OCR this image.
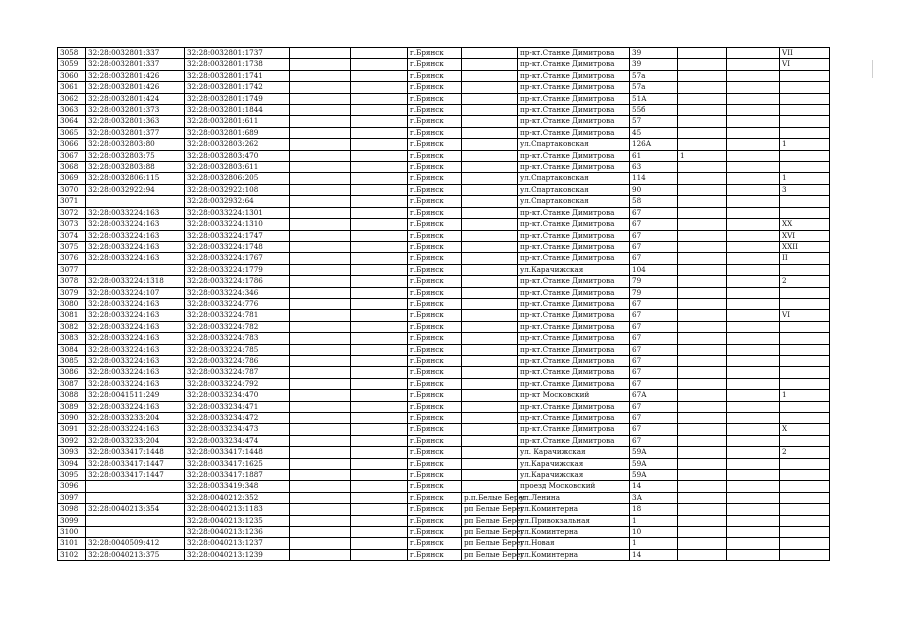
3058	32:28:0032801:337	32:28:0032801:1737			г.Брянск		пр-кт.Станке Димитрова	39			VII
3059	32:28:0032801:337	32:28:0032801:1738			г.Брянск		пр-кт.Станке Димитрова	39			VI
3060	32:28:0032801:426	32:28:0032801:1741			г.Брянск		пр-кт.Станке Димитрова	57а			
3061	32:28:0032801:426	32:28:0032801:1742			г.Брянск		пр-кт.Станке Димитрова	57а			
3062	32:28:0032801:424	32:28:0032801:1749			г.Брянск		пр-кт.Станке Димитрова	51А			
3063	32:28:0032801:373	32:28:0032801:1844			г.Брянск		пр-кт.Станке Димитрова	55б			
3064	32:28:0032801:363	32:28:0032801:611			г.Брянск		пр-кт.Станке Димитрова	57			
3065	32:28:0032801:377	32:28:0032801:689			г.Брянск		пр-кт.Станке Димитрова	45			
3066	32:28:0032803:80	32:28:0032803:262			г.Брянск		ул.Спартаковская	126А			1
3067	32:28:0032803:75	32:28:0032803:470			г.Брянск		пр-кт.Станке Димитрова	61	1		
3068	32:28:0032803:88	32:28:0032803:611			г.Брянск		пр-кт.Станке Димитрова	63			
3069	32:28:0032806:115	32:28:0032806:205			г.Брянск		ул.Спартаковская	114			1
3070	32:28:0032922:94	32:28:0032922:108			г.Брянск		ул.Спартаковская	90			3
3071		32:28:0032932:64			г.Брянск		ул.Спартаковская	58			
3072	32:28:0033224:163	32:28:0033224:1301			г.Брянск		пр-кт.Станке Димитрова	67			
3073	32:28:0033224:163	32:28:0033224:1310			г.Брянск		пр-кт.Станке Димитрова	67			XX
3074	32:28:0033224:163	32:28:0033224:1747			г.Брянск		пр-кт.Станке Димитрова	67			XVI
3075	32:28:0033224:163	32:28:0033224:1748			г.Брянск		пр-кт.Станке Димитрова	67			XXII
3076	32:28:0033224:163	32:28:0033224:1767			г.Брянск		пр-кт.Станке Димитрова	67			II
3077		32:28:0033224:1779			г.Брянск		ул.Карачижская	104			
3078	32:28:0033224:1318	32:28:0033224:1786			г.Брянск		пр-кт.Станке Димитрова	79			2
3079	32:28:0033224:107	32:28:0033224:346			г.Брянск		пр-кт.Станке Димитрова	79			
3080	32:28:0033224:163	32:28:0033224:776			г.Брянск		пр-кт.Станке Димитрова	67			
3081	32:28:0033224:163	32:28:0033224:781			г.Брянск		пр-кт.Станке Димитрова	67			VI
3082	32:28:0033224:163	32:28:0033224:782			г.Брянск		пр-кт.Станке Димитрова	67			
3083	32:28:0033224:163	32:28:0033224:783			г.Брянск		пр-кт.Станке Димитрова	67			
3084	32:28:0033224:163	32:28:0033224:785			г.Брянск		пр-кт.Станке Димитрова	67			
3085	32:28:0033224:163	32:28:0033224:786			г.Брянск		пр-кт.Станке Димитрова	67			
3086	32:28:0033224:163	32:28:0033224:787			г.Брянск		пр-кт.Станке Димитрова	67			
3087	32:28:0033224:163	32:28:0033224:792			г.Брянск		пр-кт.Станке Димитрова	67			
3088	32:28:0041511:249	32:28:0033234:470			г.Брянск		пр-кт Московский	67А			1
3089	32:28:0033224:163	32:28:0033234:471			г.Брянск		пр-кт.Станке Димитрова	67			
3090	32:28:0033233:204	32:28:0033234:472			г.Брянск		пр-кт.Станке Димитрова	67			
3091	32:28:0033224:163	32:28:0033234:473			г.Брянск		пр-кт.Станке Димитрова	67			X
3092	32:28:0033233:204	32:28:0033234:474			г.Брянск		пр-кт.Станке Димитрова	67			
3093	32:28:0033417:1448	32:28:0033417:1448			г.Брянск		ул. Карачижская	59А			2
3094	32:28:0033417:1447	32:28:0033417:1625			г.Брянск		ул.Карачижская	59А			
3095	32:28:0033417:1447	32:28:0033417:1887			г.Брянск		ул.Карачижская	59А			
3096		32:28:0033419:348			г.Брянск		проезд Московский	14			
3097		32:28:0040212:352			г.Брянск	р.п.Белые Берег	ул.Ленина	3А			
3098	32:28:0040213:354	32:28:0040213:1183			г.Брянск	рп Белые Берег	ул.Коминтерна	18			
3099		32:28:0040213:1235			г.Брянск	рп Белые Берег	ул.Привокзальная	1			
3100		32:28:0040213:1236			г.Брянск	рп Белые Берег	ул.Коминтерна	10			
3101	32:28:0040509:412	32:28:0040213:1237			г.Брянск	рп Белые Берег	ул.Новая	1			
3102	32:28:0040213:375	32:28:0040213:1239			г.Брянск	рп Белые Берег	ул.Коминтерна	14			
